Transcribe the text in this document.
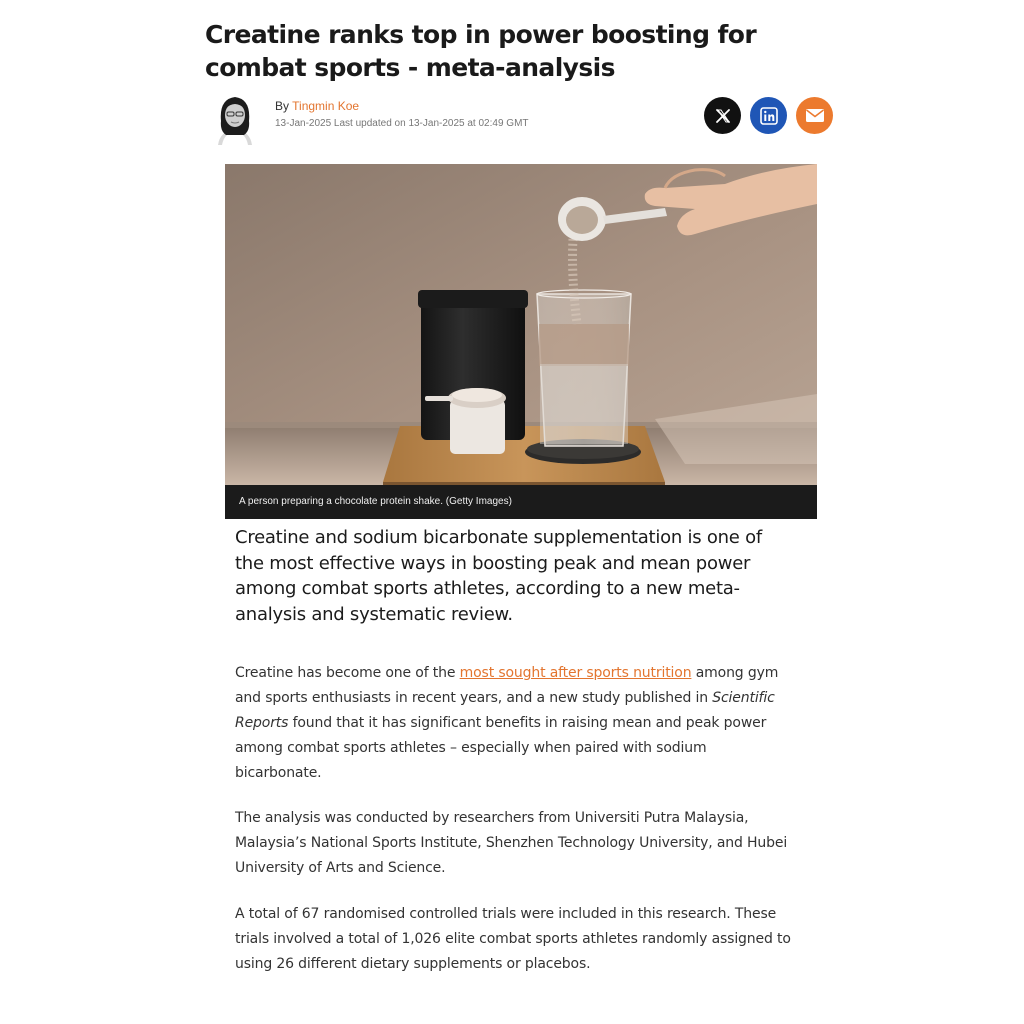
Creatine ranks top in power boosting for combat sports - meta-analysis
By Tingmin Koe
13-Jan-2025 Last updated on 13-Jan-2025 at 02:49 GMT
A person preparing a chocolate protein shake. (Getty Images)

Creatine and sodium bicarbonate supplementation is one of the most effective ways in boosting peak and mean power among combat sports athletes, according to a new meta-analysis and systematic review.

Creatine has become one of the most sought after sports nutrition among gym and sports enthusiasts in recent years, and a new study published in Scientific Reports found that it has significant benefits in raising mean and peak power among combat sports athletes – especially when paired with sodium bicarbonate.

The analysis was conducted by researchers from Universiti Putra Malaysia, Malaysia’s National Sports Institute, Shenzhen Technology University, and Hubei University of Arts and Science.

A total of 67 randomised controlled trials were included in this research. These trials involved a total of 1,026 elite combat sports athletes randomly assigned to using 26 different dietary supplements or placebos.
